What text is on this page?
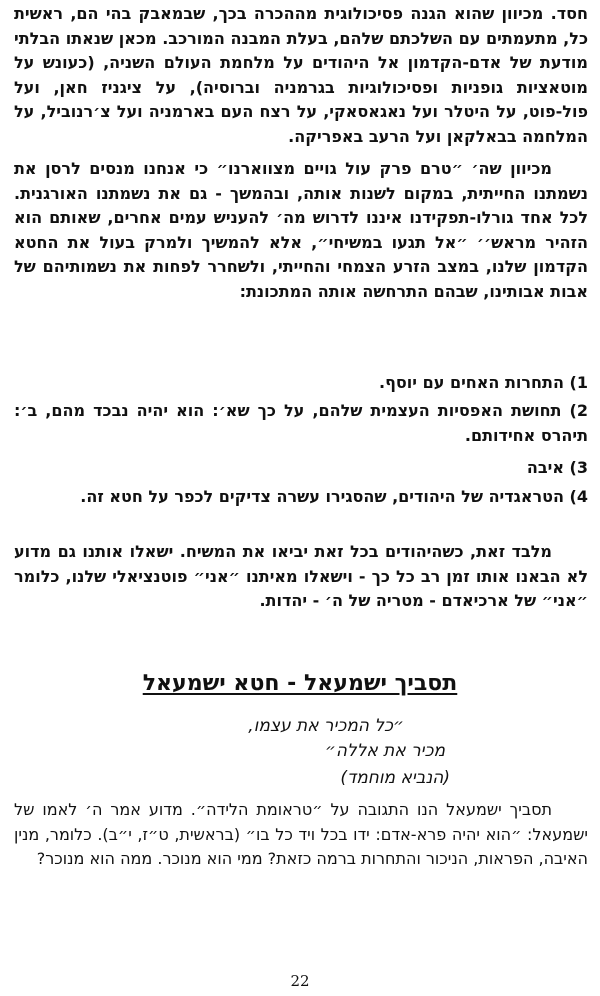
חסד. מכיוון שהוא הגנה פסיכולוגית מההכרה בכך, שבמאבק בהי הם, ראשית כל, מתעמתים עם השלכתם שלהם, בעלת המבנה המורכב. מכאן שנאתו הבלתי מודעת של אדם-הקדמון אל היהודים על מלחמת העולם השניה, (כעונש על מוטאציות גופניות ופסיכולוגיות בגרמניה וברוסיה), על ציגניז חאן, ועל פול-פוט, על היטלר ועל נאגאסאקי, על רצח העם בארמניה ועל צ׳רנוביל, על המלחמה בבאלקאן ועל הרעב באפריקה.

מכיוון שה׳ ״טרם פרק עול גויים מצווארנו״ כי אנחנו מנסים לרסן את נשמתנו החייתית, במקום לשנות אותה, ובהמשך - גם את נשמתנו האורגנית. לכל אחד גורלו-תפקידנו איננו לדרוש מה׳ להעניש עמים אחרים, שאותם הוא הזהיר מראש׳׳ ״אל תגעו במשיחי״, אלא להמשיך ולמרק בעול את החטא הקדמון שלנו, במצב הזרע הצמחי והחייתי, ולשחרר לפחות את נשמותיהם של אבות אבותינו, שבהם התרחשה אותה המתכונת:

1) התחרות האחים עם יוסף.
2) תחושת האפסיות העצמית שלהם, על כך שא׳: הוא יהיה נבכד מהם, ב׳: תיהרס אחידותם.
3) איבה
4) הטראגדיה של היהודים, שהסגירו עשרה צדיקים לכפר על חטא זה.

מלבד זאת, כשהיהודים בכל זאת יביאו את המשיח. ישאלו אותנו גם מדוע לא הבאנו אותו זמן רב כל כך - וישאלו מאיתנו ״אני״ פוטנציאלי שלנו, כלומר ״אני״ של ארכיאדם - מטריה של ה׳ - יהדות.

תסביך ישמעאל - חטא ישמעאל
״כל המכיר את עצמו,
מכיר את אללה״
(הנביא מוחמד)

תסביך ישמעאל הנו התגובה על ״טראומת הלידה״. מדוע אמר ה׳ לאמו של ישמעאל: ״הוא יהיה פרא-אדם: ידו בכל ויד כל בו״ (בראשית, ט״ז, י״ב). כלומר, מנין האיבה, הפראות, הניכור והתחרות ברמה כזאת? ממי הוא מנוכר. ממה הוא מנוכר?

22
